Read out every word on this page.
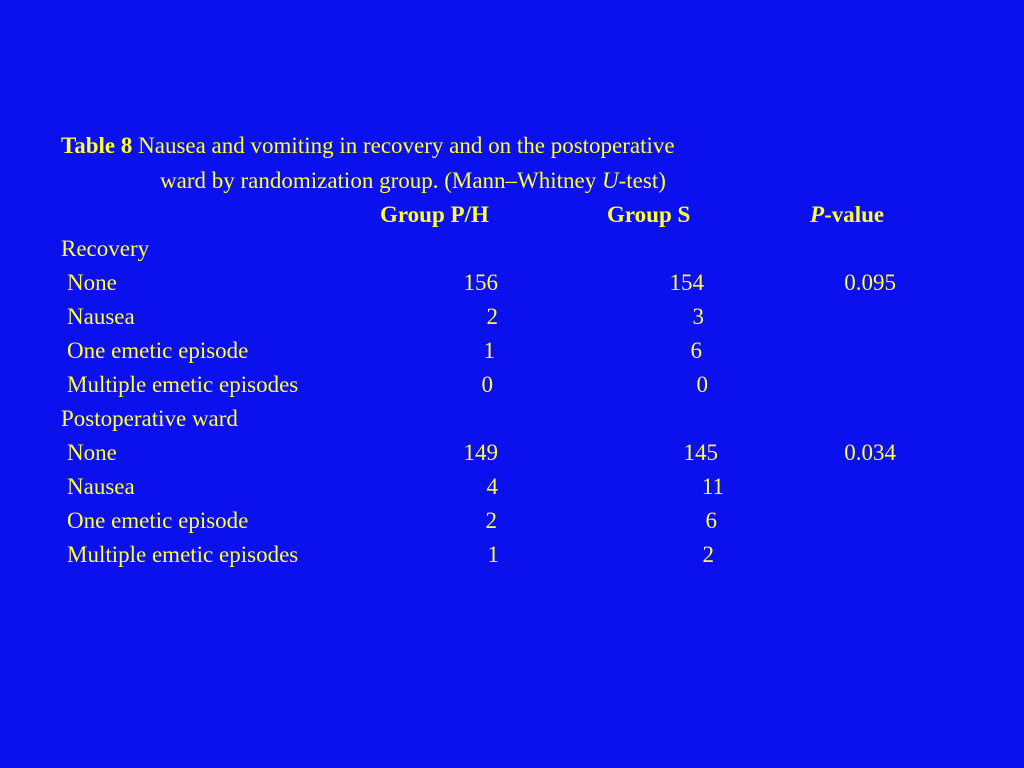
Table 8 Nausea and vomiting in recovery and on the postoperative
ward by randomization group. (Mann–Whitney U-test)
Group P/H	Group S	P-value
Recovery
None	156	154	0.095
Nausea	2	3
One emetic episode	1	6
Multiple emetic episodes	0	0
Postoperative ward
None	149	145	0.034
Nausea	4	11
One emetic episode	2	6
Multiple emetic episodes	1	2
